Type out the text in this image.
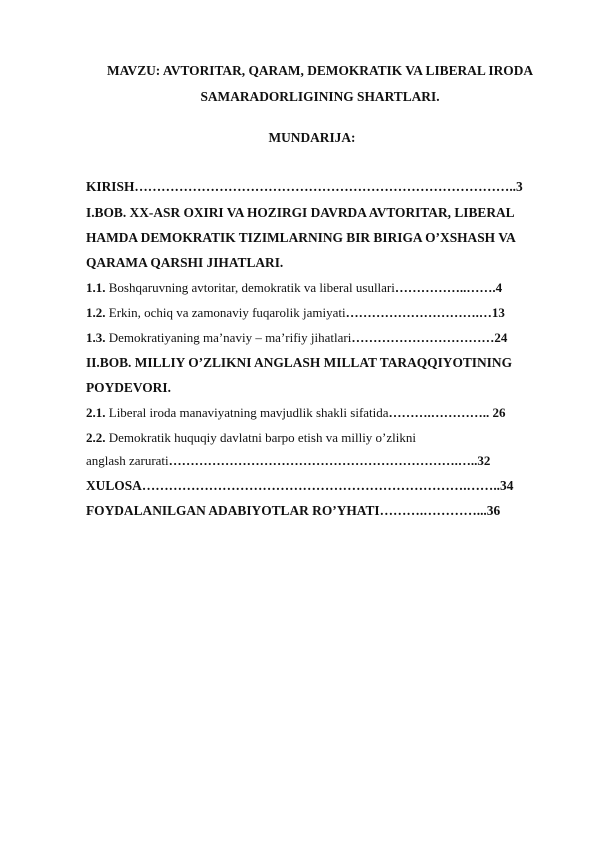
MAVZU: AVTORITAR, QARAM, DEMOKRATIK VA LIBERAL IRODA
SAMARADORLIGINING SHARTLARI.
MUNDARIJA:
KIRISH…………………………………………………………………………..3
I.BOB. XX-ASR OXIRI VA HOZIRGI DAVRDA AVTORITAR, LIBERAL
HAMDA DEMOKRATIK TIZIMLARNING BIR BIRIGA O’XSHASH VA
QARAMA QARSHI JIHATLARI.
1.1. Boshqaruvning avtoritar, demokratik va liberal usullari……………..…….4
1.2. Erkin, ochiq va zamonaviy fuqarolik jamiyati………………………….…13
1.3. Demokratiyaning ma’naviy – ma’rifiy jihatlari……………………………24
II.BOB. MILLIY O’ZLIKNI ANGLASH MILLAT TARAQQIYOTINING
POYDEVORI.
2.1. Liberal iroda manaviyatning mavjudlik shakli sifatida……….………….. 26
2.2. Demokratik huquqiy davlatni barpo etish va milliy o’zlikni
anglash zarurati………………………………………………………….…..32
XULOSA……………………………………………………………….……..34
FOYDALANILGAN ADABIYOTLAR RO’YHATI……….…………...36
